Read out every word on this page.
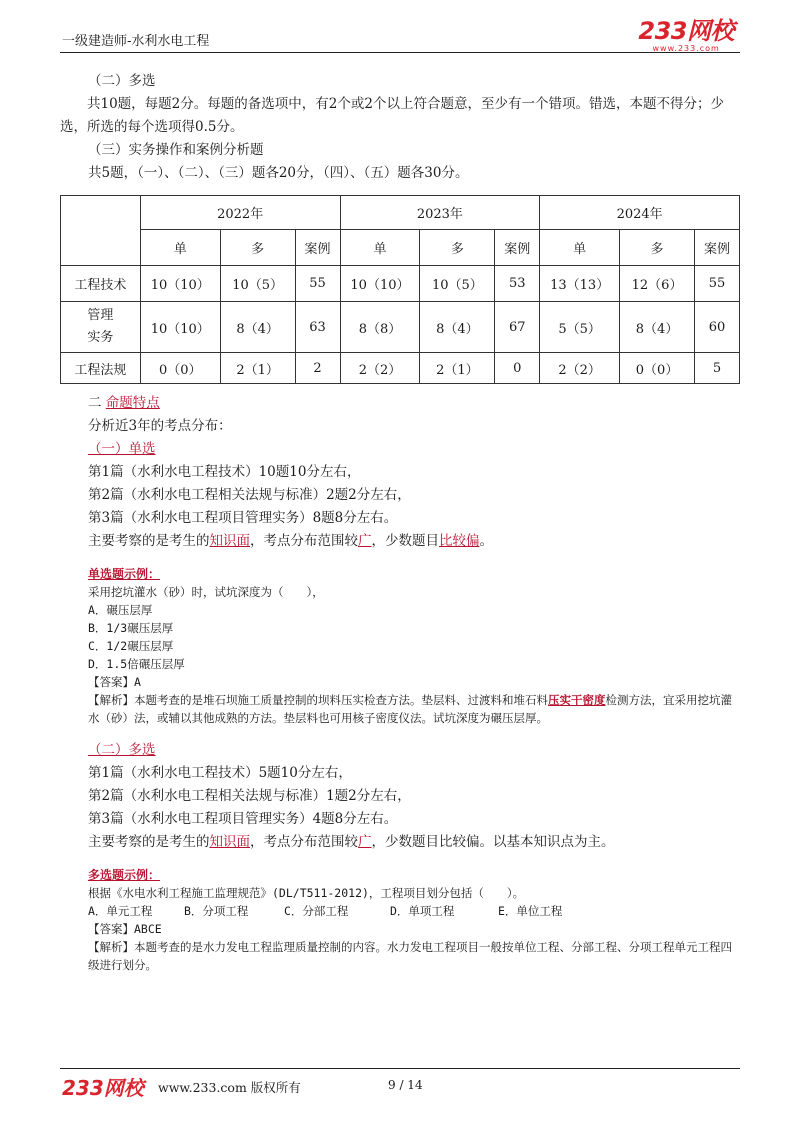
一级建造师-水利水电工程	233网校
www.233.com

（二）多选

共10题，每题2分。每题的备选项中，有2个或2个以上符合题意，至少有一个错项。错选，本题不得分；少选，所选的每个选项得0.5分。

（三）实务操作和案例分析题

共5题，（一）、（二）、（三）题各20分，（四）、（五）题各30分。

	2022年			2023年			2024年		
	单	多	案例	单	多	案例	单	多	案例
工程技术	10（10）	10（5）	55	10（10）	10（5）	53	13（13）	12（6）	55
管理
实务	10（10）	8（4）	63	8（8）	8（4）	67	5（5）	8（4）	60
工程法规	0（0）	2（1）	2	2（2）	2（1）	0	2（2）	0（0）	5

二 命题特点

分析近3年的考点分布：

（一）单选

第1篇（水利水电工程技术）10题10分左右，

第2篇（水利水电工程相关法规与标准）2题2分左右，

第3篇（水利水电工程项目管理实务）8题8分左右。

主要考察的是考生的知识面，考点分布范围较广，少数题目比较偏。

单选题示例：

采用挖坑灌水（砂）时，试坑深度为（　　），

A．碾压层厚

B．1/3碾压层厚

C．1/2碾压层厚

D．1.5倍碾压层厚

【答案】A

【解析】本题考查的是堆石坝施工质量控制的坝料压实检查方法。垫层料、过渡料和堆石料压实干密度检测方法，宜采用挖坑灌水（砂）法，或辅以其他成熟的方法。垫层料也可用核子密度仪法。试坑深度为碾压层厚。

（二）多选

第1篇（水利水电工程技术）5题10分左右，

第2篇（水利水电工程相关法规与标准）1题2分左右，

第3篇（水利水电工程项目管理实务）4题8分左右。

主要考察的是考生的知识面，考点分布范围较广，少数题目比较偏。以基本知识点为主。

多选题示例：

根据《水电水利工程施工监理规范》(DL/T511-2012)，工程项目划分包括（　　）。

A．单元工程	B．分项工程	C．分部工程	D．单项工程	E．单位工程

【答案】ABCE

【解析】本题考查的是水力发电工程监理质量控制的内容。水力发电工程项目一般按单位工程、分部工程、分项工程单元工程四级进行划分。

233网校 www.233.com 版权所有	9 / 14
